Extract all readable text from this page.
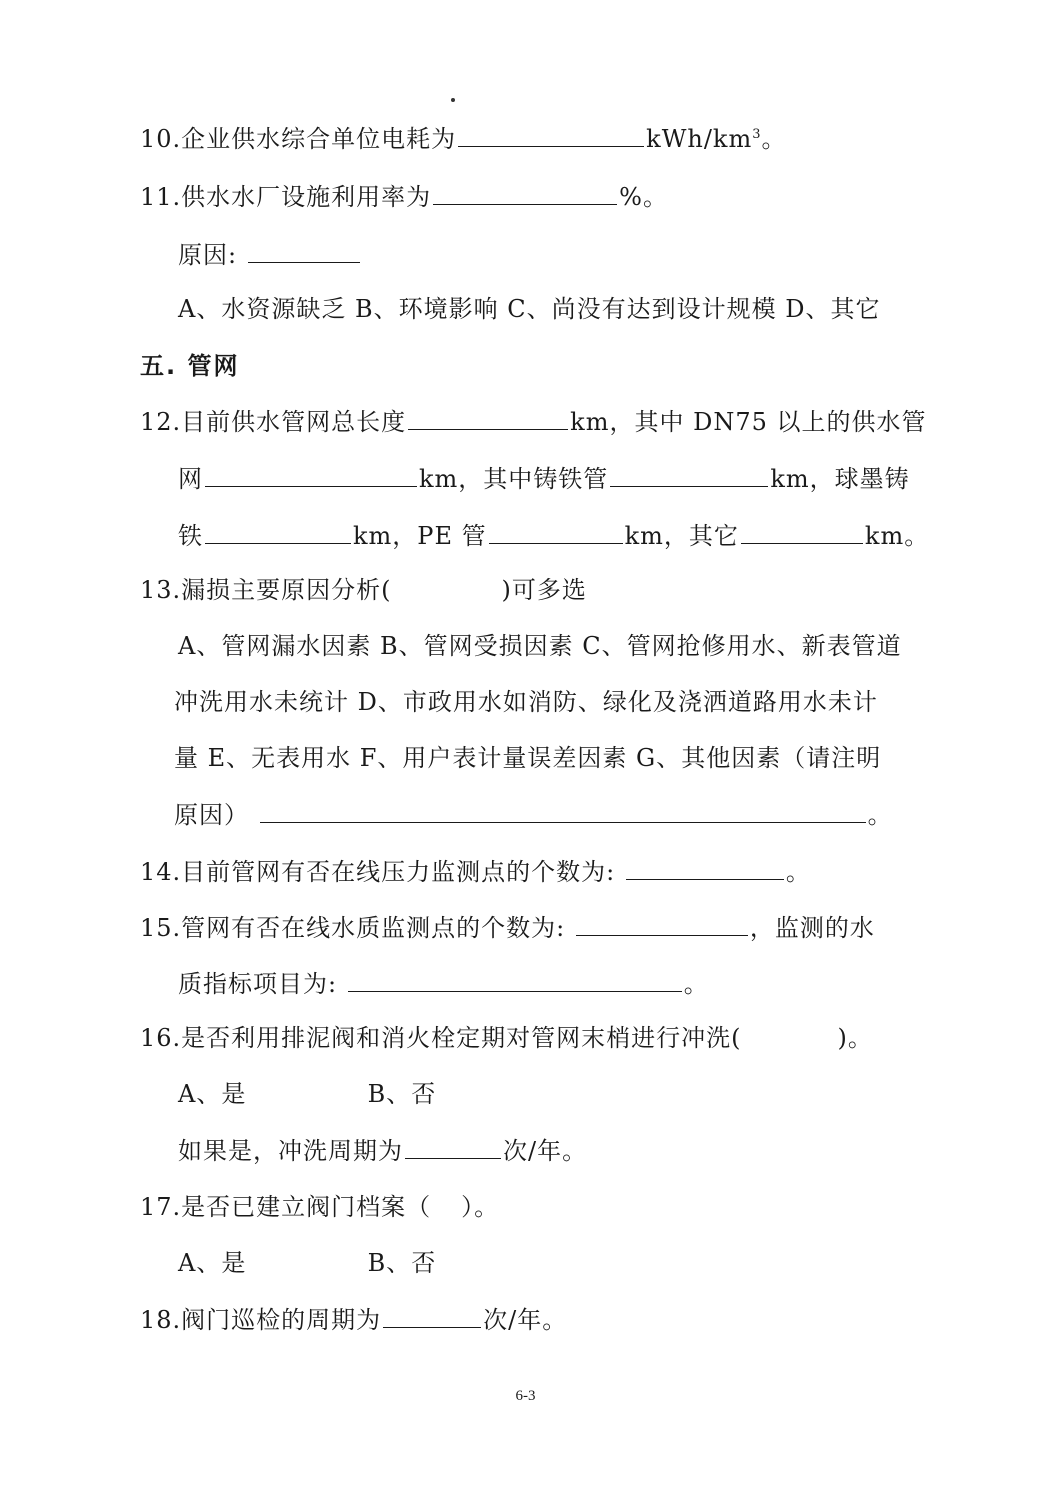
10.企业供水综合单位电耗为	kWh/$km^3$。
11.供水水厂设施利用率为	%。
原因:
A、水资源缺乏 B、环境影响 C、尚没有达到设计规模 D、其它
五. 管网
12.目前供水管网总长度	km，其中 DN75 以上的供水管
网	km，其中铸铁管	km，球墨铸
铁	km，PE 管	km，其它	km。
13.漏损主要原因分析(	)可多选
A、管网漏水因素 B、管网受损因素 C、管网抢修用水、新表管道
冲洗用水未统计 D、市政用水如消防、绿化及浇洒道路用水未计
量 E、无表用水 F、用户表计量误差因素 G、其他因素（请注明
原因）	。
14.目前管网有否在线压力监测点的个数为:	。
15.管网有否在线水质监测点的个数为:	，监测的水
质指标项目为:	。
16.是否利用排泥阀和消火栓定期对管网末梢进行冲洗(	)。
A、是	B、否
如果是，冲洗周期为	次/年。
17.是否已建立阀门档案（ ）。
A、是	B、否
18.阀门巡检的周期为	次/年。
6-3
